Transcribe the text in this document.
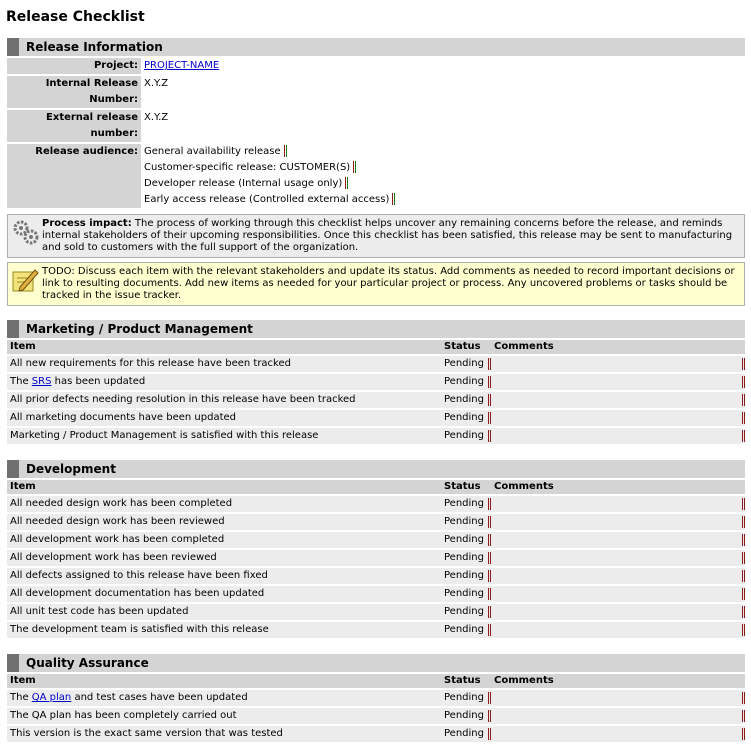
Release Checklist
Release Information
Project:	PROJECT-NAME
Internal Release Number:	X.Y.Z
External release number:	X.Y.Z
Release audience:	General availability release
Customer-specific release: CUSTOMER(S)
Developer release (Internal usage only)
Early access release (Controlled external access)
Process impact: The process of working through this checklist helps uncover any remaining concerns before the release, and reminds internal stakeholders of their upcoming responsibilities. Once this checklist has been satisfied, this release may be sent to manufacturing and sold to customers with the full support of the organization.
TODO: Discuss each item with the relevant stakeholders and update its status. Add comments as needed to record important decisions or link to resulting documents. Add new items as needed for your particular project or process. Any uncovered problems or tasks should be tracked in the issue tracker.
Marketing / Product Management
Item	Status	Comments
All new requirements for this release have been tracked	Pending

The SRS has been updated	Pending

All prior defects needing resolution in this release have been tracked	Pending

All marketing documents have been updated	Pending

Marketing / Product Management is satisfied with this release	Pending

Development
Item	Status	Comments
All needed design work has been completed	Pending

All needed design work has been reviewed	Pending

All development work has been completed	Pending

All development work has been reviewed	Pending

All defects assigned to this release have been fixed	Pending

All development documentation has been updated	Pending

All unit test code has been updated	Pending

The development team is satisfied with this release	Pending

Quality Assurance
Item	Status	Comments
The QA plan and test cases have been updated	Pending

The QA plan has been completely carried out	Pending

This version is the exact same version that was tested	Pending
